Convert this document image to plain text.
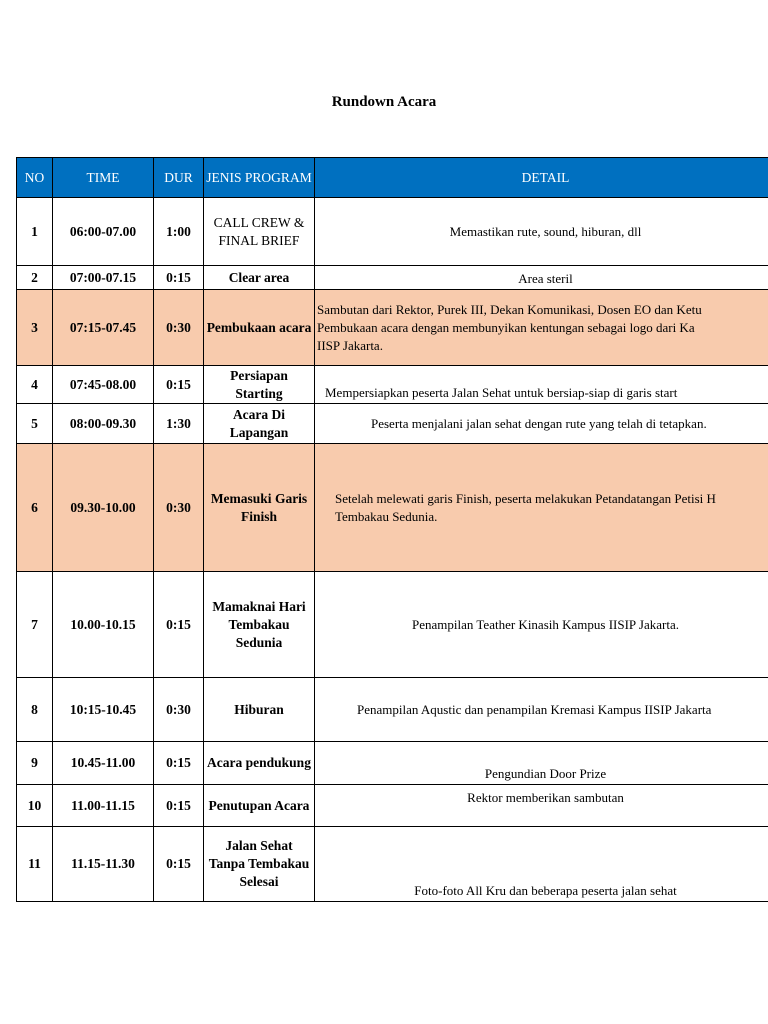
Rundown Acara
NO	TIME	DUR	JENIS PROGRAM	DETAIL
1	06:00-07.00	1:00	CALL CREW & FINAL BRIEF	Memastikan rute, sound, hiburan, dll
2	07:00-07.15	0:15	Clear area	Area steril
3	07:15-07.45	0:30	Pembukaan acara	Sambutan dari Rektor, Purek III, Dekan Komunikasi, Dosen EO dan Ketu
Pembukaan acara dengan membunyikan kentungan sebagai logo dari Ka
IISP Jakarta.
4	07:45-08.00	0:15	Persiapan Starting	Mempersiapkan peserta Jalan Sehat untuk bersiap-siap di garis start
5	08:00-09.30	1:30	Acara Di Lapangan	Peserta menjalani jalan sehat dengan rute yang telah di tetapkan.
6	09.30-10.00	0:30	Memasuki Garis Finish	Setelah melewati garis Finish, peserta melakukan Petandatangan Petisi H
Tembakau Sedunia.
7	10.00-10.15	0:15	Mamaknai Hari Tembakau Sedunia	Penampilan Teather Kinasih Kampus IISIP Jakarta.
8	10:15-10.45	0:30	Hiburan	Penampilan Aqustic dan penampilan Kremasi Kampus IISIP Jakarta
9	10.45-11.00	0:15	Acara pendukung	Pengundian Door Prize
10	11.00-11.15	0:15	Penutupan Acara	Rektor memberikan sambutan
11	11.15-11.30	0:15	Jalan Sehat Tanpa Tembakau Selesai	Foto-foto All Kru dan beberapa peserta jalan sehat
